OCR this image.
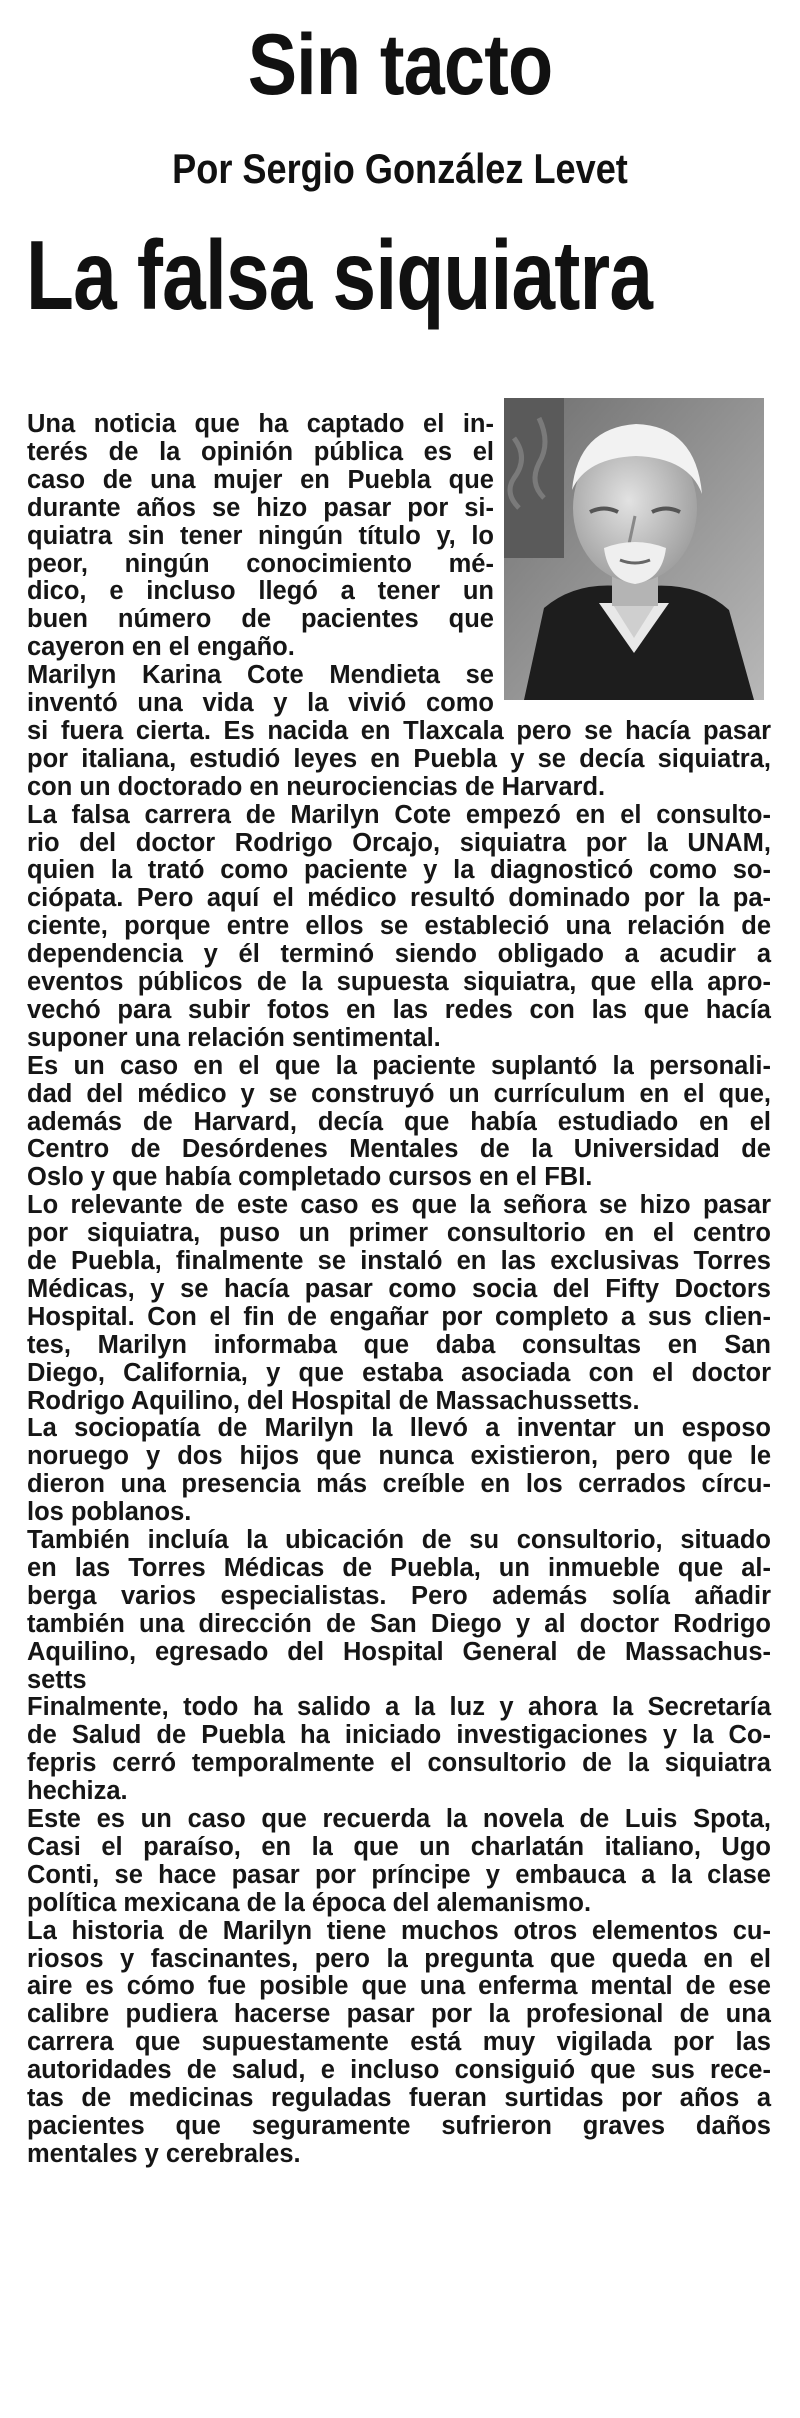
Sin tacto
Por Sergio González Levet
La falsa siquiatra
Una noticia que ha captado el in-
terés de la opinión pública es el
caso de una mujer en Puebla que
durante años se hizo pasar por si-
quiatra sin tener ningún título y, lo
peor, ningún conocimiento mé-
dico, e incluso llegó a tener un
buen número de pacientes que
cayeron en el engaño.
Marilyn Karina Cote Mendieta se
inventó una vida y la vivió como
si fuera cierta. Es nacida en Tlaxcala pero se hacía pasar
por italiana, estudió leyes en Puebla y se decía siquiatra,
con un doctorado en neurociencias de Harvard.
La falsa carrera de Marilyn Cote empezó en el consulto-
rio del doctor Rodrigo Orcajo, siquiatra por la UNAM,
quien la trató como paciente y la diagnosticó como so-
ciópata. Pero aquí el médico resultó dominado por la pa-
ciente, porque entre ellos se estableció una relación de
dependencia y él terminó siendo obligado a acudir a
eventos públicos de la supuesta siquiatra, que ella apro-
vechó para subir fotos en las redes con las que hacía
suponer una relación sentimental.
Es un caso en el que la paciente suplantó la personali-
dad del médico y se construyó un currículum en el que,
además de Harvard, decía que había estudiado en el
Centro de Desórdenes Mentales de la Universidad de
Oslo y que había completado cursos en el FBI.
Lo relevante de este caso es que la señora se hizo pasar
por siquiatra, puso un primer consultorio en el centro
de Puebla, finalmente se instaló en las exclusivas Torres
Médicas, y se hacía pasar como socia del Fifty Doctors
Hospital. Con el fin de engañar por completo a sus clien-
tes, Marilyn informaba que daba consultas en San
Diego, California, y que estaba asociada con el doctor
Rodrigo Aquilino, del Hospital de Massachussetts.
La sociopatía de Marilyn la llevó a inventar un esposo
noruego y dos hijos que nunca existieron, pero que le
dieron una presencia más creíble en los cerrados círcu-
los poblanos.
También incluía la ubicación de su consultorio, situado
en las Torres Médicas de Puebla, un inmueble que al-
berga varios especialistas. Pero además solía añadir
también una dirección de San Diego y al doctor Rodrigo
Aquilino, egresado del Hospital General de Massachus-
setts
Finalmente, todo ha salido a la luz y ahora la Secretaría
de Salud de Puebla ha iniciado investigaciones y la Co-
fepris cerró temporalmente el consultorio de la siquiatra
hechiza.
Este es un caso que recuerda la novela de Luis Spota,
Casi el paraíso, en la que un charlatán italiano, Ugo
Conti, se hace pasar por príncipe y embauca a la clase
política mexicana de la época del alemanismo.
La historia de Marilyn tiene muchos otros elementos cu-
riosos y fascinantes, pero la pregunta que queda en el
aire es cómo fue posible que una enferma mental de ese
calibre pudiera hacerse pasar por la profesional de una
carrera que supuestamente está muy vigilada por las
autoridades de salud, e incluso consiguió que sus rece-
tas de medicinas reguladas fueran surtidas por años a
pacientes que seguramente sufrieron graves daños
mentales y cerebrales.
